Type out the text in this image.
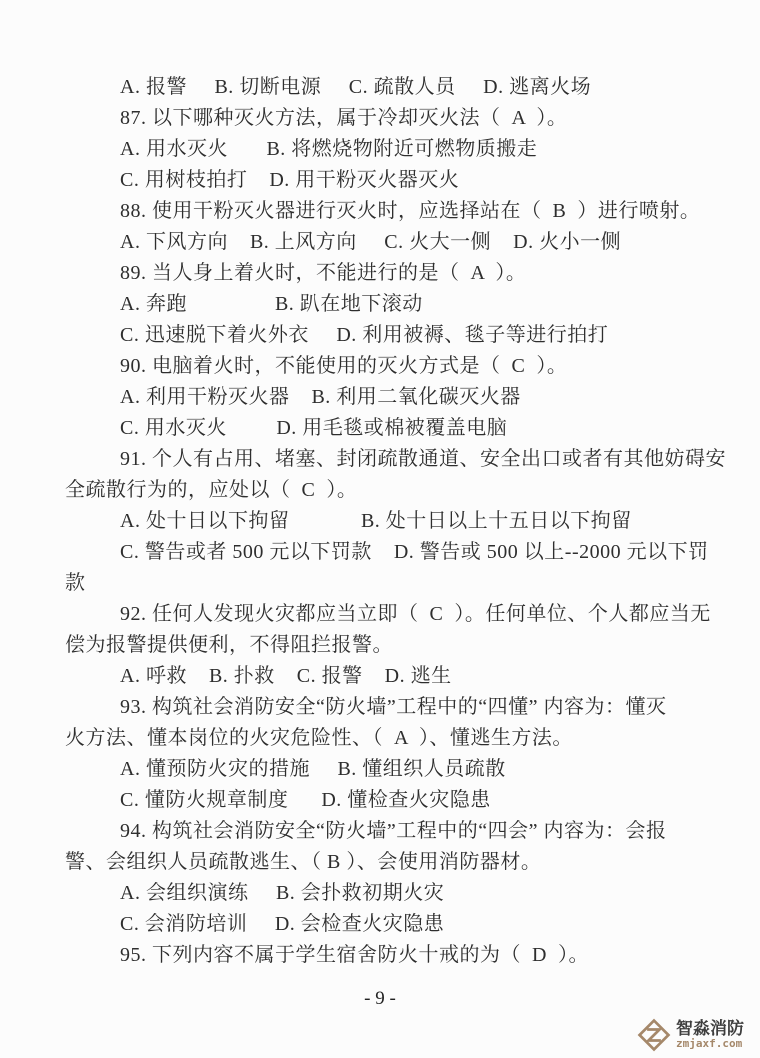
A. 报警     B. 切断电源     C. 疏散人员     D. 逃离火场
87. 以下哪种灭火方法，属于冷却灭火法（  A  ）。
A. 用水灭火       B. 将燃烧物附近可燃物质搬走
C. 用树枝拍打    D. 用干粉灭火器灭火
88. 使用干粉灭火器进行灭火时，应选择站在（  B  ）进行喷射。
A. 下风方向    B. 上风方向     C. 火大一侧    D. 火小一侧
89. 当人身上着火时，不能进行的是（  A  ）。
A. 奔跑                B. 趴在地下滚动
C. 迅速脱下着火外衣     D. 利用被褥、毯子等进行拍打
90. 电脑着火时，不能使用的灭火方式是（  C  ）。
A. 利用干粉灭火器    B. 利用二氧化碳灭火器
C. 用水灭火         D. 用毛毯或棉被覆盖电脑
91. 个人有占用、堵塞、封闭疏散通道、安全出口或者有其他妨碍安
全疏散行为的，应处以（  C  ）。
A. 处十日以下拘留             B. 处十日以上十五日以下拘留
C. 警告或者 500 元以下罚款    D. 警告或 500 以上--2000 元以下罚
款
92. 任何人发现火灾都应当立即（  C  ）。任何单位、个人都应当无
偿为报警提供便利，不得阻拦报警。
A. 呼救    B. 扑救    C. 报警    D. 逃生
93. 构筑社会消防安全“防火墙”工程中的“四懂” 内容为：懂灭
火方法、懂本岗位的火灾危险性、（  A  ）、懂逃生方法。
A. 懂预防火灾的措施     B. 懂组织人员疏散
C. 懂防火规章制度      D. 懂检查火灾隐患
94. 构筑社会消防安全“防火墙”工程中的“四会” 内容为：会报
警、会组织人员疏散逃生、（ B ）、会使用消防器材。
A. 会组织演练     B. 会扑救初期火灾
C. 会消防培训     D. 会检查火灾隐患
95. 下列内容不属于学生宿舍防火十戒的为（  D  ）。
- 9 -
智淼消防
zmjaxf.com
